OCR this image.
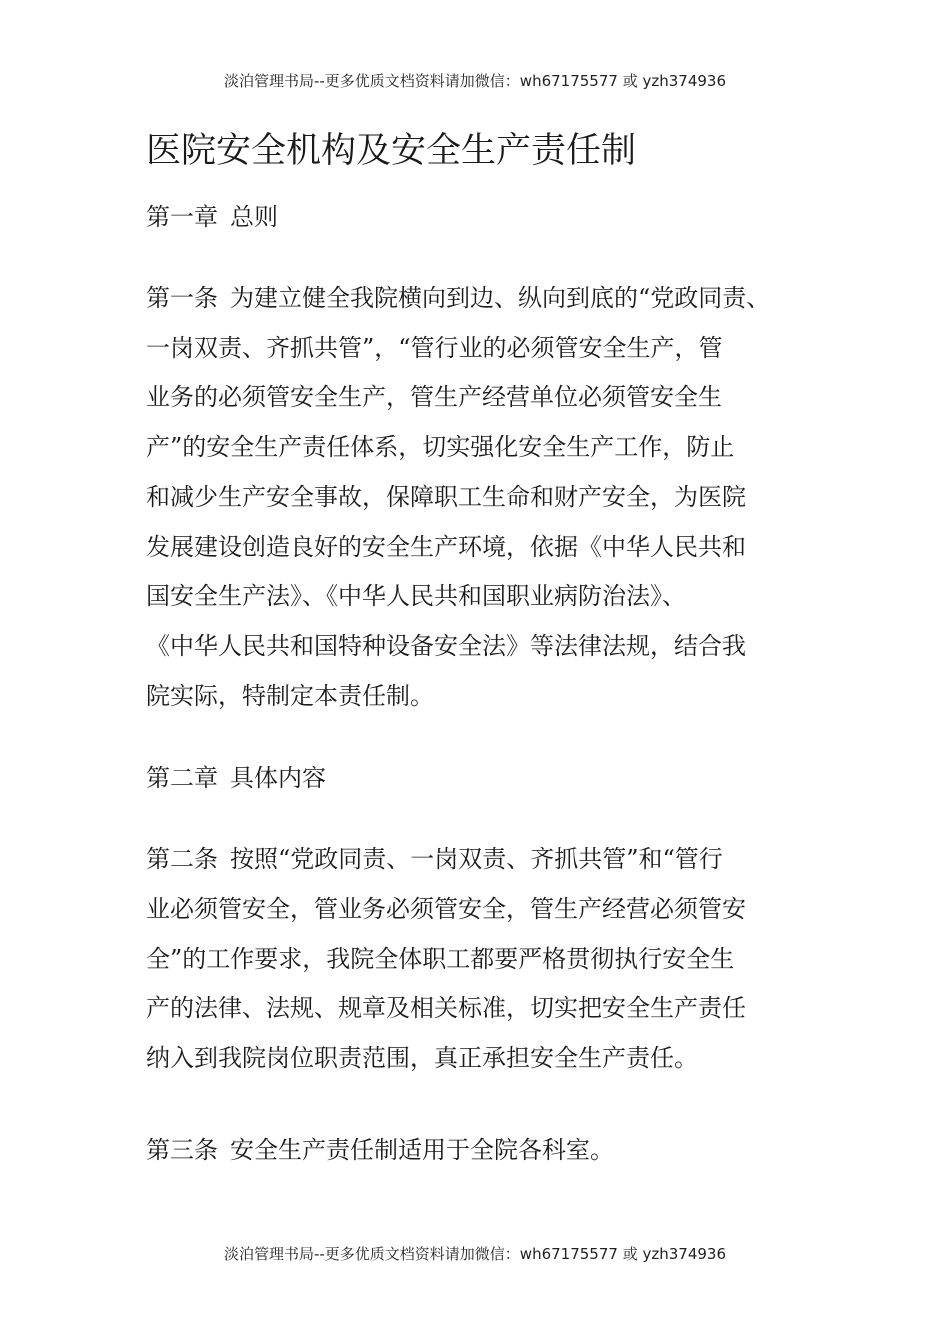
淡泊管理书局--更多优质文档资料请加微信：wh67175577 或 yzh374936
医院安全机构及安全生产责任制
第一章 总则
第一条 为建立健全我院横向到边、纵向到底的“党政同责、
一岗双责、齐抓共管”，“管行业的必须管安全生产，管
业务的必须管安全生产，管生产经营单位必须管安全生
产”的安全生产责任体系，切实强化安全生产工作，防止
和减少生产安全事故，保障职工生命和财产安全，为医院
发展建设创造良好的安全生产环境，依据《中华人民共和
国安全生产法》、《中华人民共和国职业病防治法》、
《中华人民共和国特种设备安全法》等法律法规，结合我
院实际，特制定本责任制。
第二章 具体内容
第二条 按照“党政同责、一岗双责、齐抓共管”和“管行
业必须管安全，管业务必须管安全，管生产经营必须管安
全”的工作要求，我院全体职工都要严格贯彻执行安全生
产的法律、法规、规章及相关标准，切实把安全生产责任
纳入到我院岗位职责范围，真正承担安全生产责任。
第三条 安全生产责任制适用于全院各科室。
淡泊管理书局--更多优质文档资料请加微信：wh67175577 或 yzh374936
